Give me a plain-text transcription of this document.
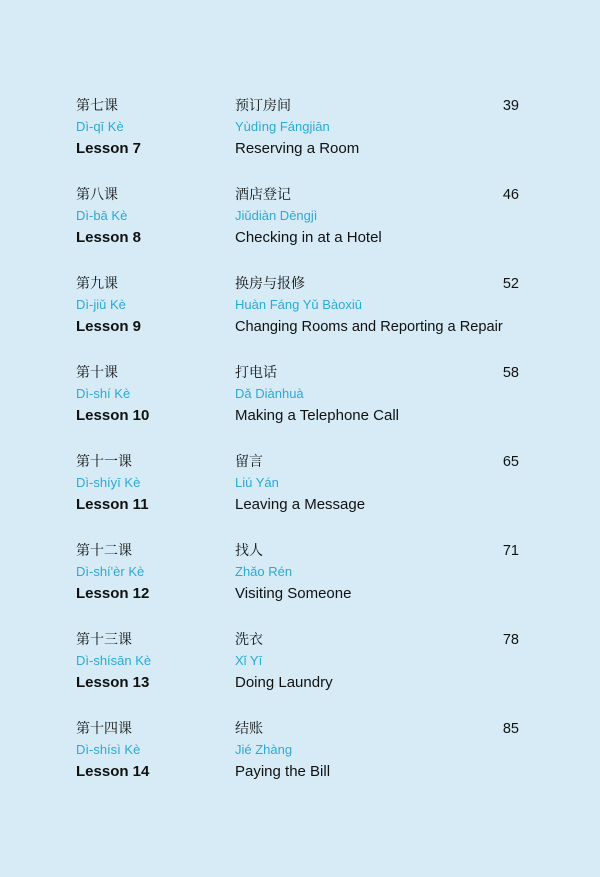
第七课
Dì-qī Kè
Lesson 7
预订房间
Yùdìng Fángjiān
Reserving a Room
39
第八课
Dì-bā Kè
Lesson 8
酒店登记
Jiǔdiàn Dēngjì
Checking in at a Hotel
46
第九课
Dì-jiǔ Kè
Lesson 9
换房与报修
Huàn Fáng Yǔ Bàoxiū
Changing Rooms and Reporting a Repair
52
第十课
Dì-shí Kè
Lesson 10
打电话
Dǎ Diànhuà
Making a Telephone Call
58
第十一课
Dì-shíyī Kè
Lesson 11
留言
Liú Yán
Leaving a Message
65
第十二课
Dì-shí'èr Kè
Lesson 12
找人
Zhǎo Rén
Visiting Someone
71
第十三课
Dì-shísān Kè
Lesson 13
洗衣
Xǐ Yī
Doing Laundry
78
第十四课
Dì-shísì Kè
Lesson 14
结账
Jié Zhàng
Paying the Bill
85
